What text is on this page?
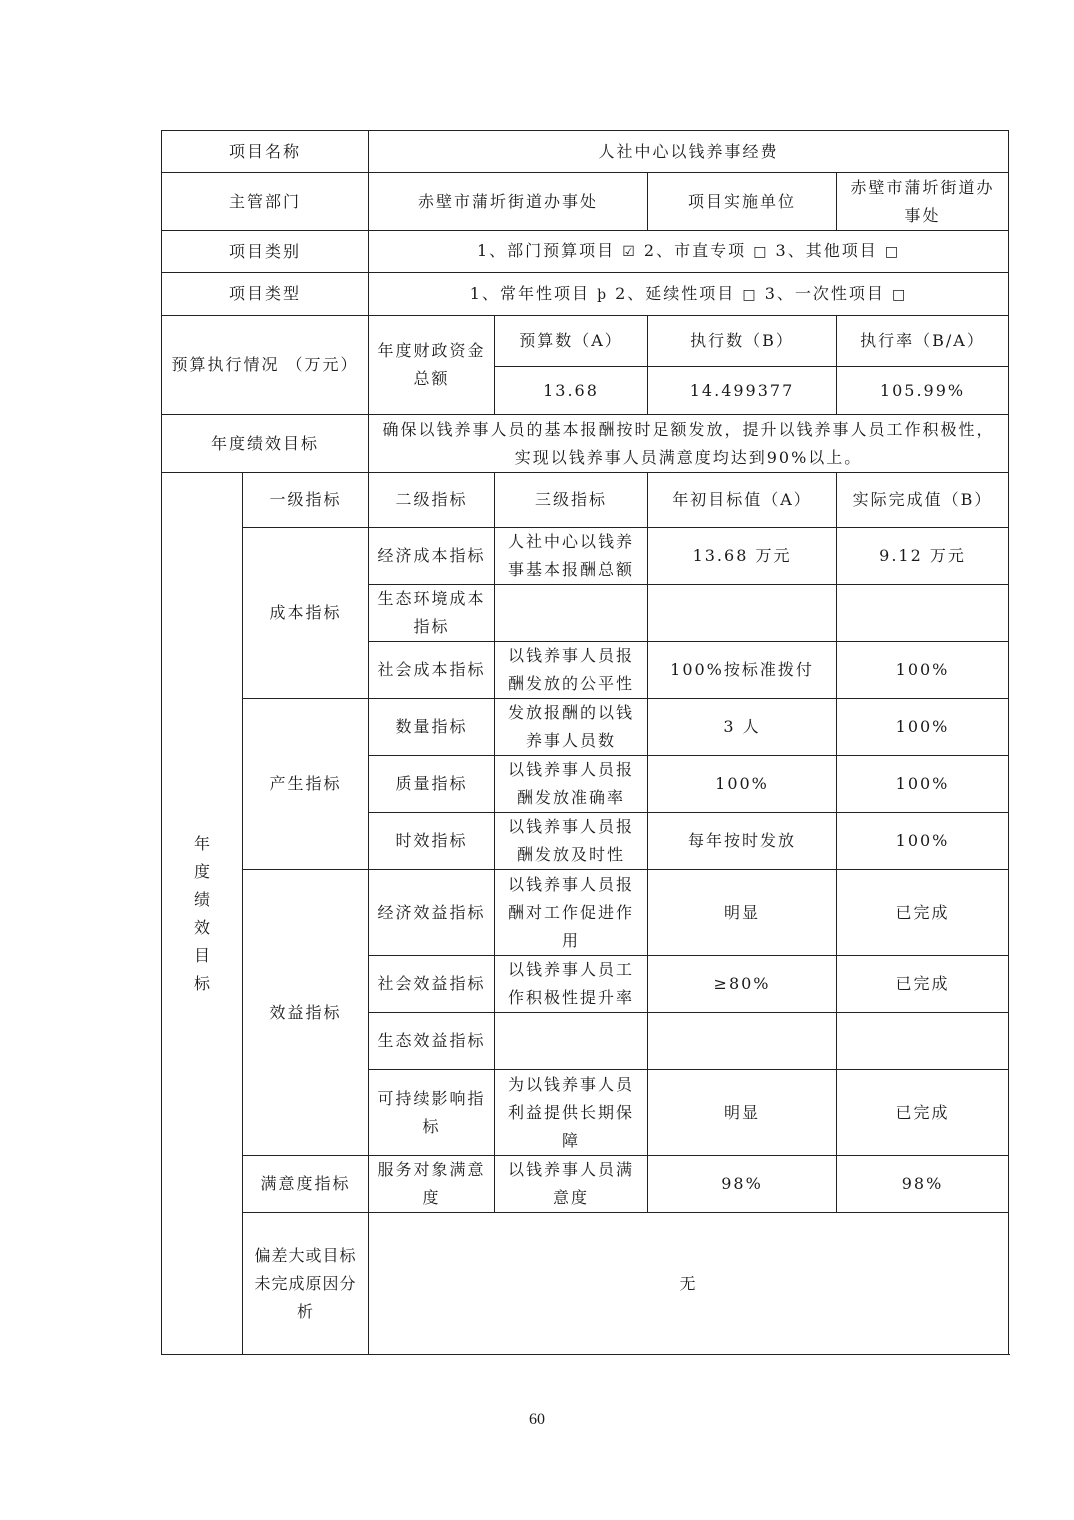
项目名称		人社中心以钱养事经费			
主管部门		赤壁市蒲圻街道办事处		项目实施单位	赤壁市蒲圻街道办事处
项目类别		1、部门预算项目 ☑ 2、市直专项 □ 3、其他项目 □			
项目类型		1、常年性项目 þ 2、延续性项目 □ 3、一次性项目 □			
预算执行情况 （万元）		年度财政资金总额	预算数（A）	执行数（B）	执行率（B/A）
			13.68	14.499377	105.99%
年度绩效目标		确保以钱养事人员的基本报酬按时足额发放，提升以钱养事人员工作积极性，实现以钱养事人员满意度均达到90%以上。			

年度绩效目标	一级指标	二级指标	三级指标	年初目标值（A）	实际完成值（B）
	成本指标	经济成本指标	人社中心以钱养事基本报酬总额	13.68 万元	9.12 万元
		生态环境成本指标			
		社会成本指标	以钱养事人员报酬发放的公平性	100%按标准拨付	100%
	产生指标	数量指标	发放报酬的以钱养事人员数	3 人	100%
		质量指标	以钱养事人员报酬发放准确率	100%	100%
		时效指标	以钱养事人员报酬发放及时性	每年按时发放	100%
	效益指标	经济效益指标	以钱养事人员报酬对工作促进作用	明显	已完成
		社会效益指标	以钱养事人员工作积极性提升率	≥80%	已完成
		生态效益指标			
		可持续影响指标	为以钱养事人员利益提供长期保障	明显	已完成
	满意度指标	服务对象满意度	以钱养事人员满意度	98%	98%
	偏差大或目标未完成原因分析	无			
60
